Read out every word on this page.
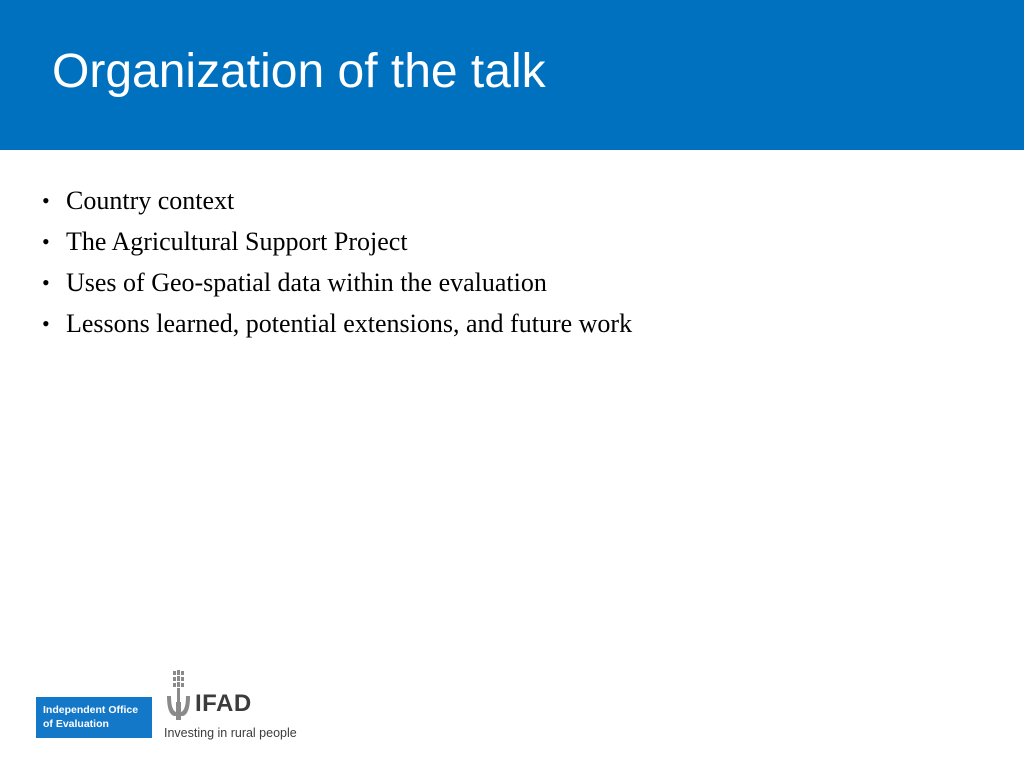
Organization of the talk
• Country context
• The Agricultural Support Project
• Uses of Geo-spatial data within the evaluation
• Lessons learned, potential extensions, and future work
Independent Office
of Evaluation
IFAD
Investing in rural people
